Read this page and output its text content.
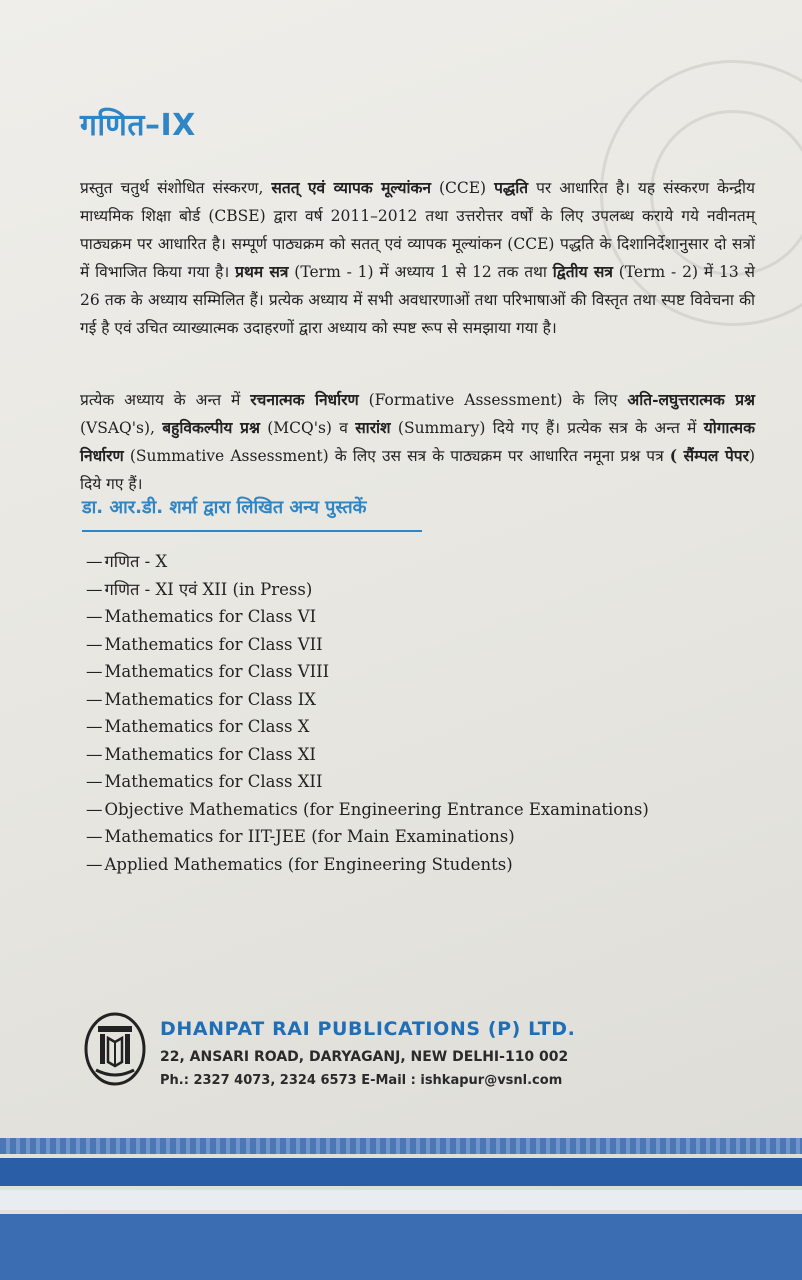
गणित–IX

प्रस्तुत चतुर्थ संशोधित संस्करण, सतत् एवं व्यापक मूल्यांकन (CCE) पद्धति पर आधारित है। यह संस्करण केन्द्रीय माध्यमिक शिक्षा बोर्ड (CBSE) द्वारा वर्ष 2011–2012 तथा उत्तरोत्तर वर्षों के लिए उपलब्ध कराये गये नवीनतम् पाठ्यक्रम पर आधारित है। सम्पूर्ण पाठ्यक्रम को सतत् एवं व्यापक मूल्यांकन (CCE) पद्धति के दिशानिर्देशानुसार दो सत्रों में विभाजित किया गया है। प्रथम सत्र (Term - 1) में अध्याय 1 से 12 तक तथा द्वितीय सत्र (Term - 2) में 13 से 26 तक के अध्याय सम्मिलित हैं। प्रत्येक अध्याय में सभी अवधारणाओं तथा परिभाषाओं की विस्तृत तथा स्पष्ट विवेचना की गई है एवं उचित व्याख्यात्मक उदाहरणों द्वारा अध्याय को स्पष्ट रूप से समझाया गया है।

प्रत्येक अध्याय के अन्त में रचनात्मक निर्धारण (Formative Assessment) के लिए अति-लघुत्तरात्मक प्रश्न (VSAQ's), बहुविकल्पीय प्रश्न (MCQ's) व सारांश (Summary) दिये गए हैं। प्रत्येक सत्र के अन्त में योगात्मक निर्धारण (Summative Assessment) के लिए उस सत्र के पाठ्यक्रम पर आधारित नमूना प्रश्न पत्र ( सैंम्पल पेपर) दिये गए हैं।

डा. आर.डी. शर्मा द्वारा लिखित अन्य पुस्तकें
— गणित - X
— गणित - XI एवं XII (in Press)
— Mathematics for Class VI
— Mathematics for Class VII
— Mathematics for Class VIII
— Mathematics for Class IX
— Mathematics for Class X
— Mathematics for Class XI
— Mathematics for Class XII
— Objective Mathematics (for Engineering Entrance Examinations)
— Mathematics for IIT-JEE (for Main Examinations)
— Applied Mathematics (for Engineering Students)
DHANPAT RAI PUBLICATIONS (P) LTD.
22, ANSARI ROAD, DARYAGANJ, NEW DELHI-110 002
Ph.: 2327 4073, 2324 6573 E-Mail : ishkapur@vsnl.com
